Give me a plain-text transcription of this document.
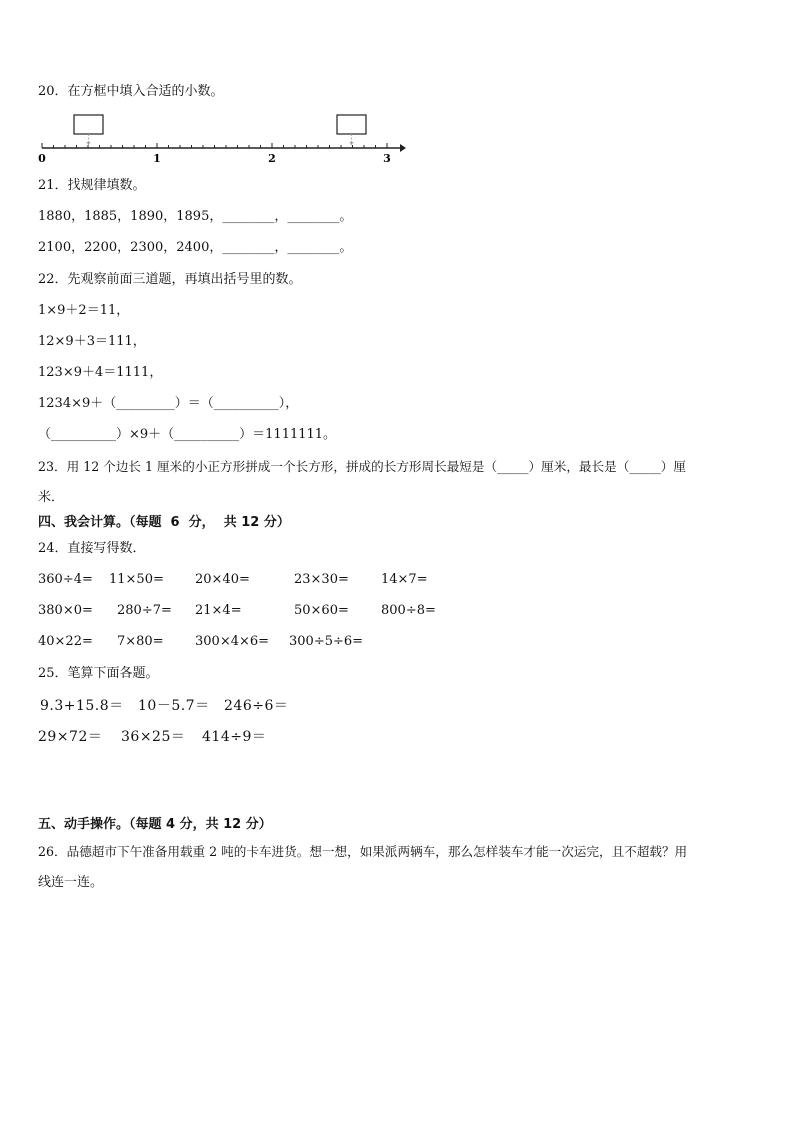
20．在方框中填入合适的小数。
0	1	2	3
21．找规律填数。
1880，1885，1890，1895，________，________。
2100，2200，2300，2400，________，________。
22．先观察前面三道题，再填出括号里的数。
1×9＋2＝11，
12×9＋3＝111，
123×9＋4＝1111，
1234×9＋（_________）＝（__________），
（__________）×9＋（__________）＝1111111。
23．用 12 个边长 1 厘米的小正方形拼成一个长方形，拼成的长方形周长最短是（_____）厘米，最长是（_____）厘
米．
四、我会计算。（每题  6  分，  共 12 分）
24．直接写得数．
360÷4= 11×50= 20×40=	23×30= 14×7=
380×0= 280÷7= 21×4=	50×60= 800÷8=
40×22= 7×80= 300×4×6= 300÷5÷6=
25．笔算下面各题。
9.3+15.8＝ 10－5.7＝ 246÷6＝
29×72＝ 36×25＝ 414÷9＝
五、动手操作。（每题 4 分，共 12 分）
26．品德超市下午准备用载重 2 吨的卡车进货。想一想，如果派两辆车，那么怎样装车才能一次运完，且不超载？用
线连一连。
